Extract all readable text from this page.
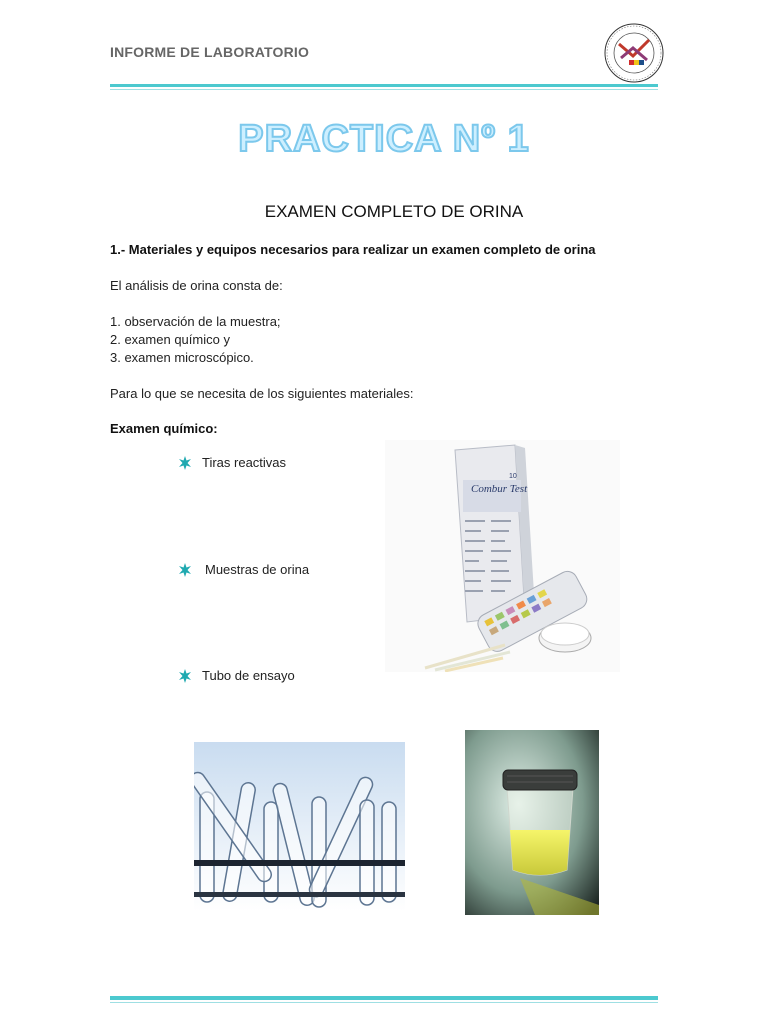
INFORME DE LABORATORIO
PRACTICA Nº 1
EXAMEN COMPLETO DE ORINA
1.- Materiales y equipos necesarios para realizar un examen completo de orina
El análisis de orina consta de:
1. observación de la muestra;
2. examen químico y
3. examen microscópico.
Para lo que se necesita de los siguientes materiales:
Examen químico:
Tiras reactivas
Muestras de orina
Tubo de ensayo
Combur Test
10
